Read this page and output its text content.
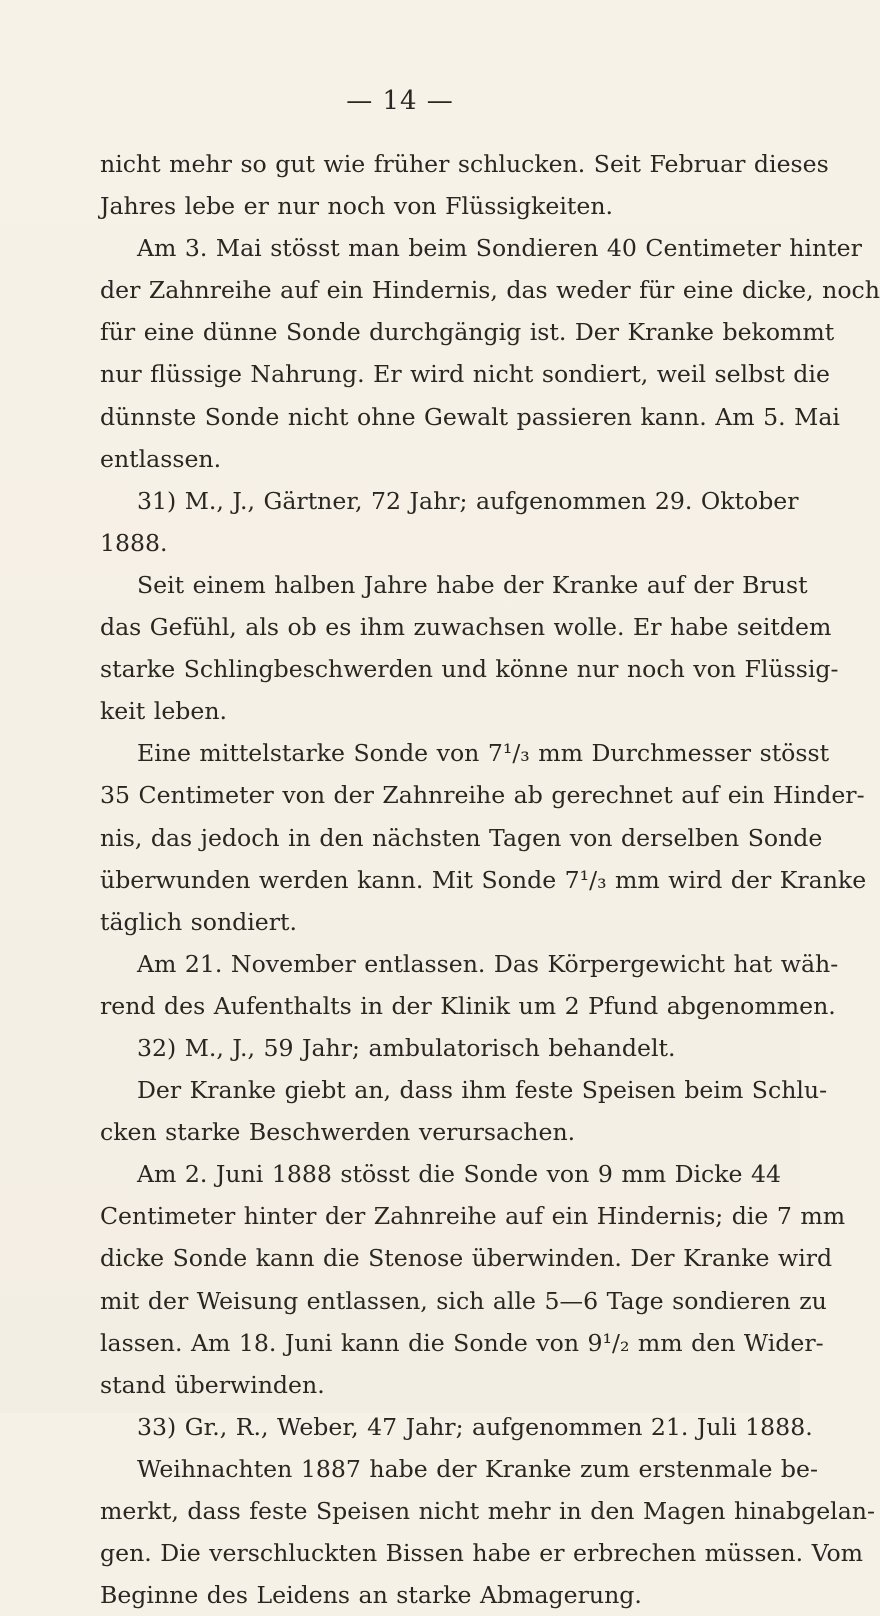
— 14 —
nicht mehr so gut wie früher schlucken. Seit Februar dieses
Jahres lebe er nur noch von Flüssigkeiten.
Am 3. Mai stösst man beim Sondieren 40 Centimeter hinter
der Zahnreihe auf ein Hindernis, das weder für eine dicke, noch
für eine dünne Sonde durchgängig ist. Der Kranke bekommt
nur flüssige Nahrung. Er wird nicht sondiert, weil selbst die
dünnste Sonde nicht ohne Gewalt passieren kann. Am 5. Mai
entlassen.
31) M., J., Gärtner, 72 Jahr; aufgenommen 29. Oktober
1888.
Seit einem halben Jahre habe der Kranke auf der Brust
das Gefühl, als ob es ihm zuwachsen wolle. Er habe seitdem
starke Schlingbeschwerden und könne nur noch von Flüssig-
keit leben.
Eine mittelstarke Sonde von 7¹/₃ mm Durchmesser stösst
35 Centimeter von der Zahnreihe ab gerechnet auf ein Hinder-
nis, das jedoch in den nächsten Tagen von derselben Sonde
überwunden werden kann. Mit Sonde 7¹/₃ mm wird der Kranke
täglich sondiert.
Am 21. November entlassen. Das Körpergewicht hat wäh-
rend des Aufenthalts in der Klinik um 2 Pfund abgenommen.
32) M., J., 59 Jahr; ambulatorisch behandelt.
Der Kranke giebt an, dass ihm feste Speisen beim Schlu-
cken starke Beschwerden verursachen.
Am 2. Juni 1888 stösst die Sonde von 9 mm Dicke 44
Centimeter hinter der Zahnreihe auf ein Hindernis; die 7 mm
dicke Sonde kann die Stenose überwinden. Der Kranke wird
mit der Weisung entlassen, sich alle 5—6 Tage sondieren zu
lassen. Am 18. Juni kann die Sonde von 9¹/₂ mm den Wider-
stand überwinden.
33) Gr., R., Weber, 47 Jahr; aufgenommen 21. Juli 1888.
Weihnachten 1887 habe der Kranke zum erstenmale be-
merkt, dass feste Speisen nicht mehr in den Magen hinabgelan-
gen. Die verschluckten Bissen habe er erbrechen müssen. Vom
Beginne des Leidens an starke Abmagerung.
